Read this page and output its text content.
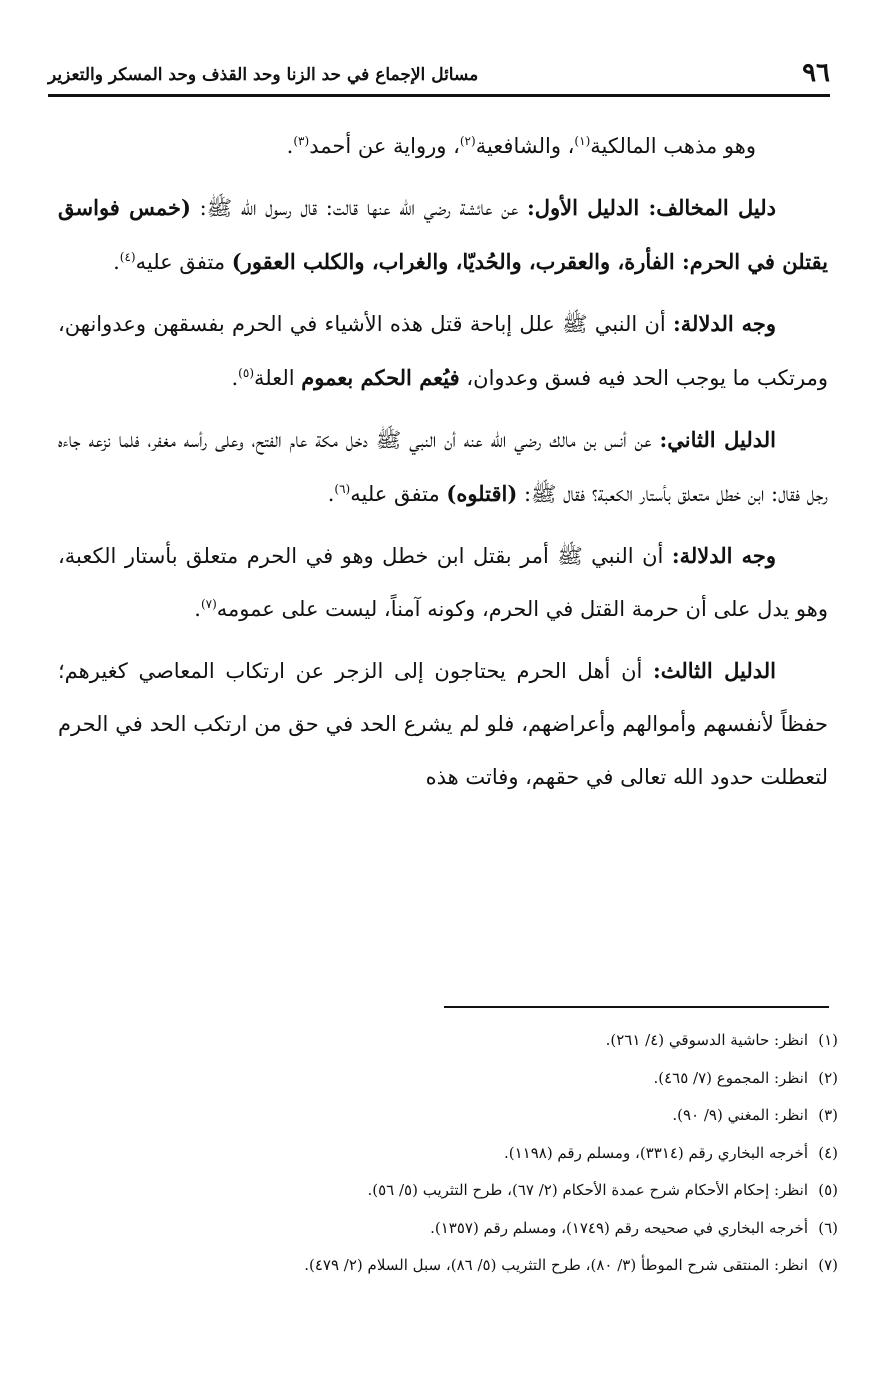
٩٦
مسائل الإجماع في حد الزنا وحد القذف وحد المسكر والتعزير

وهو مذهب المالكية$^{(١)}$، والشافعية$^{(٢)}$، ورواية عن أحمد$^{(٣)}$.

دليل المخالف: الدليل الأول: عن عائشة رضي الله عنها قالت: قال رسول الله ﷺ: (خمس فواسق يقتلن في الحرم: الفأرة، والعقرب، والحُديّا، والغراب، والكلب العقور) متفق عليه$^{(٤)}$.

وجه الدلالة: أن النبي ﷺ علل إباحة قتل هذه الأشياء في الحرم بفسقهن وعدوانهن، ومرتكب ما يوجب الحد فيه فسق وعدوان، فيُعم الحكم بعموم العلة$^{(٥)}$.

الدليل الثاني: عن أنس بن مالك رضي الله عنه أن النبي ﷺ دخل مكة عام الفتح، وعلى رأسه مغفر، فلما نزعه جاءه رجل فقال: ابن خطل متعلق بأستار الكعبة؟ فقال ﷺ: (اقتلوه) متفق عليه$^{(٦)}$.

وجه الدلالة: أن النبي ﷺ أمر بقتل ابن خطل وهو في الحرم متعلق بأستار الكعبة، وهو يدل على أن حرمة القتل في الحرم، وكونه آمناً، ليست على عمومه$^{(٧)}$.

الدليل الثالث: أن أهل الحرم يحتاجون إلى الزجر عن ارتكاب المعاصي كغيرهم؛ حفظاً لأنفسهم وأموالهم وأعراضهم، فلو لم يشرع الحد في حق من ارتكب الحد في الحرم لتعطلت حدود الله تعالى في حقهم، وفاتت هذه

(١)
انظر: حاشية الدسوقي (٤/ ٢٦١).
(٢)
انظر: المجموع (٧/ ٤٦٥).
(٣)
انظر: المغني (٩/ ٩٠).
(٤)
أخرجه البخاري رقم (٣٣١٤)، ومسلم رقم (١١٩٨).
(٥)
انظر: إحكام الأحكام شرح عمدة الأحكام (٢/ ٦٧)، طرح التثريب (٥/ ٥٦).
(٦)
أخرجه البخاري في صحيحه رقم (١٧٤٩)، ومسلم رقم (١٣٥٧).
(٧)
انظر: المنتقى شرح الموطأ (٣/ ٨٠)، طرح التثريب (٥/ ٨٦)، سبل السلام (٢/ ٤٧٩).
